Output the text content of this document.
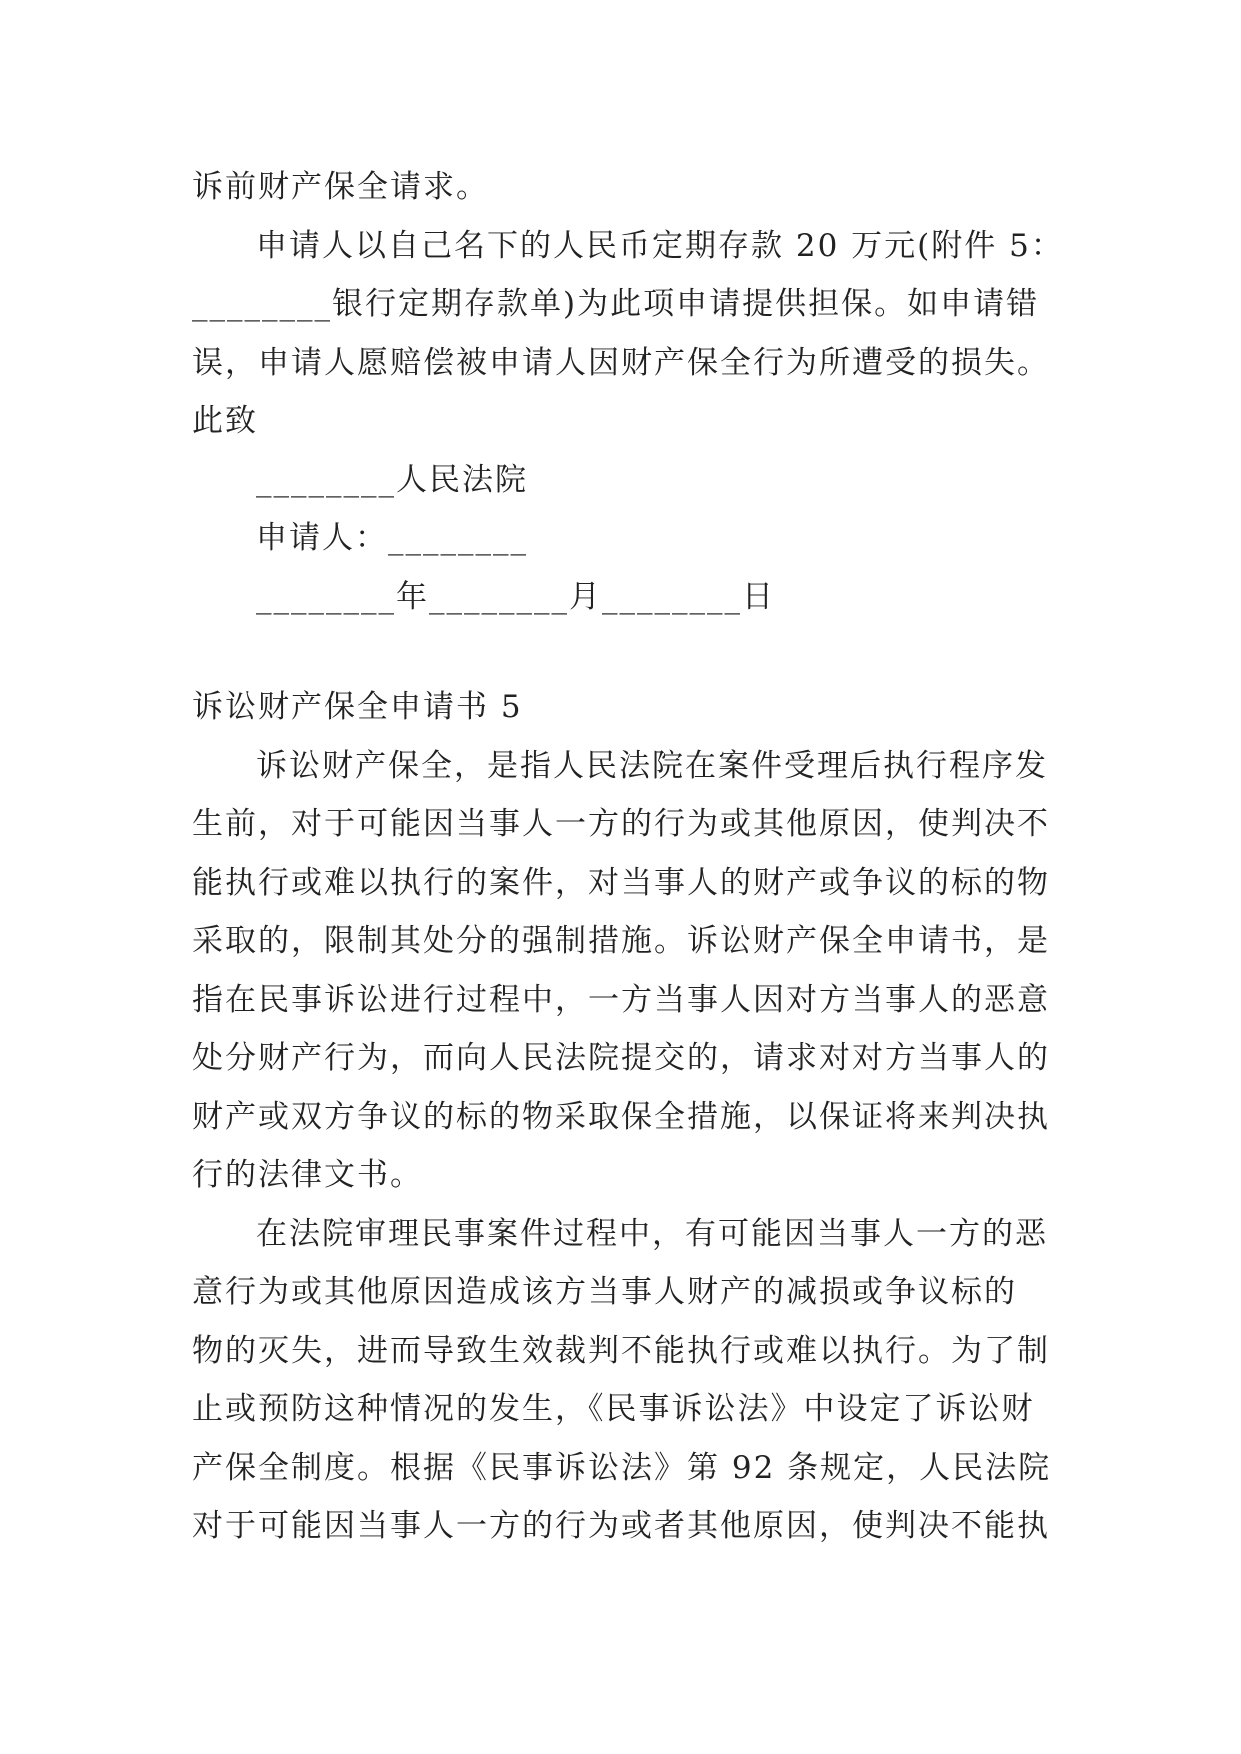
诉前财产保全请求。
申请人以自己名下的人民币定期存款 20 万元(附件 5：
________银行定期存款单)为此项申请提供担保。如申请错
误，申请人愿赔偿被申请人因财产保全行为所遭受的损失。
此致
________人民法院
申请人：________
________年________月________日
诉讼财产保全申请书 5
诉讼财产保全，是指人民法院在案件受理后执行程序发
生前，对于可能因当事人一方的行为或其他原因，使判决不
能执行或难以执行的案件，对当事人的财产或争议的标的物
采取的，限制其处分的强制措施。诉讼财产保全申请书，是
指在民事诉讼进行过程中，一方当事人因对方当事人的恶意
处分财产行为，而向人民法院提交的，请求对对方当事人的
财产或双方争议的标的物采取保全措施，以保证将来判决执
行的法律文书。
在法院审理民事案件过程中，有可能因当事人一方的恶
意行为或其他原因造成该方当事人财产的减损或争议标的
物的灭失，进而导致生效裁判不能执行或难以执行。为了制
止或预防这种情况的发生，《民事诉讼法》中设定了诉讼财
产保全制度。根据《民事诉讼法》第 92 条规定，人民法院
对于可能因当事人一方的行为或者其他原因，使判决不能执
